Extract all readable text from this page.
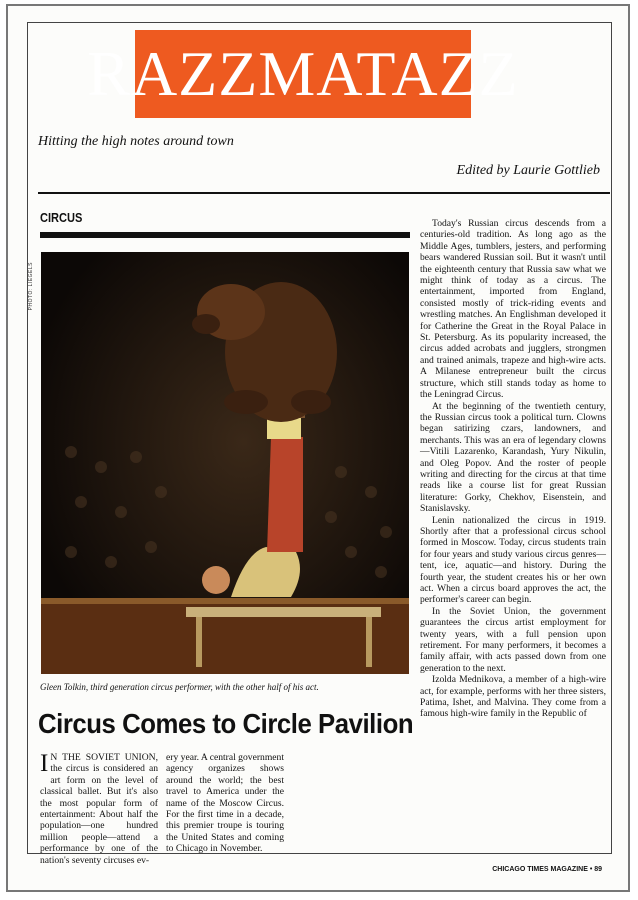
RAZZMATAZZ
Hitting the high notes around town
Edited by Laurie Gottlieb
CIRCUS
PHOTO: LIEGELS
Gleen Tolkin, third generation circus performer, with the other half of his act.
Circus Comes to Circle Pavilion

I N THE SOVIET UNION, the circus is considered an art form on the level of classical ballet. But it's also the most popular form of entertainment: About half the population—one hundred million people—attend a performance by one of the nation's seventy circuses ev-

ery year. A central government agency organizes shows around the world; the best travel to America under the name of the Moscow Circus. For the first time in a decade, this premier troupe is touring the United States and coming to Chicago in November.

Today's Russian circus descends from a centuries-old tradition. As long ago as the Middle Ages, tumblers, jesters, and performing bears wandered Russian soil. But it wasn't until the eighteenth century that Russia saw what we might think of today as a circus. The entertainment, imported from England, consisted mostly of trick-riding events and wrestling matches. An Englishman developed it for Catherine the Great in the Royal Palace in St. Petersburg. As its popularity increased, the circus added acrobats and jugglers, strongmen and trained animals, trapeze and high-wire acts. A Milanese entrepreneur built the circus structure, which still stands today as home to the Leningrad Circus.

At the beginning of the twentieth century, the Russian circus took a political turn. Clowns began satirizing czars, landowners, and merchants. This was an era of legendary clowns—Vitili Lazarenko, Karandash, Yury Nikulin, and Oleg Popov. And the roster of people writing and directing for the circus at that time reads like a course list for great Russian literature: Gorky, Chekhov, Eisenstein, and Stanislavsky.

Lenin nationalized the circus in 1919. Shortly after that a professional circus school formed in Moscow. Today, circus students train for four years and study various circus genres—tent, ice, aquatic—and history. During the fourth year, the student creates his or her own act. When a circus board approves the act, the performer's career can begin.

In the Soviet Union, the government guarantees the circus artist employment for twenty years, with a full pension upon retirement. For many performers, it becomes a family affair, with acts passed down from one generation to the next.

Izolda Mednikova, a member of a high-wire act, for example, performs with her three sisters, Patima, Ishet, and Malvina. They come from a famous high-wire family in the Republic of

CHICAGO TIMES MAGAZINE • 89
